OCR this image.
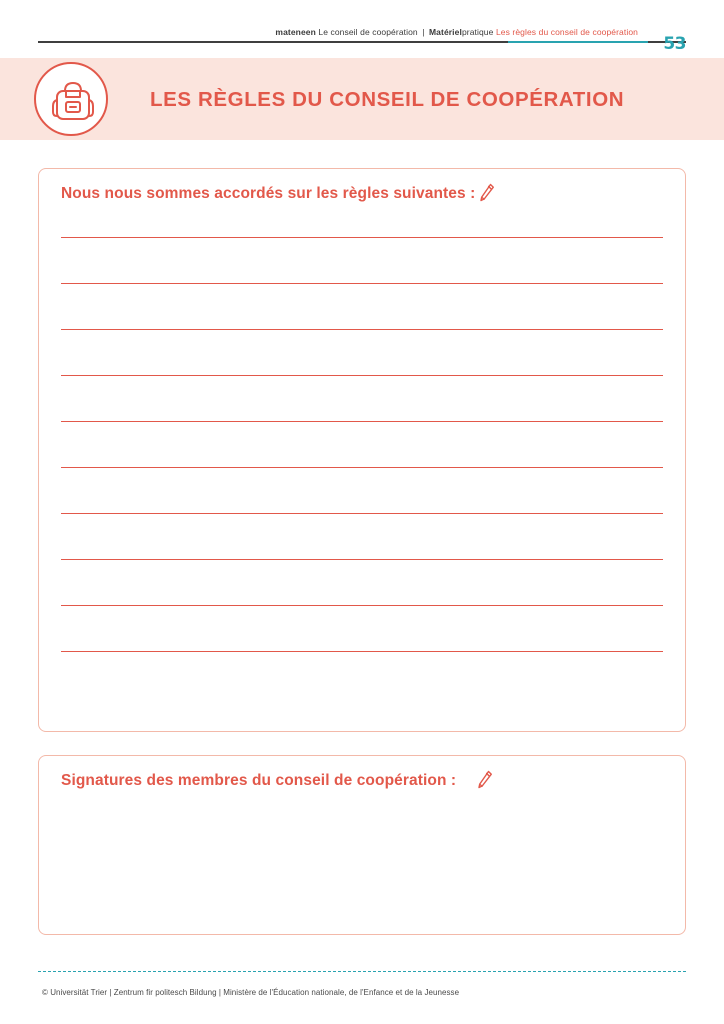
mateneen Le conseil de coopération | Matérielpratique Les règles du conseil de coopération
53
LES RÈGLES DU CONSEIL DE COOPÉRATION
Nous nous sommes accordés sur les règles suivantes :
Signatures des membres du conseil de coopération :
© Universität Trier | Zentrum fir politesch Bildung | Ministère de l'Éducation nationale, de l'Enfance et de la Jeunesse
